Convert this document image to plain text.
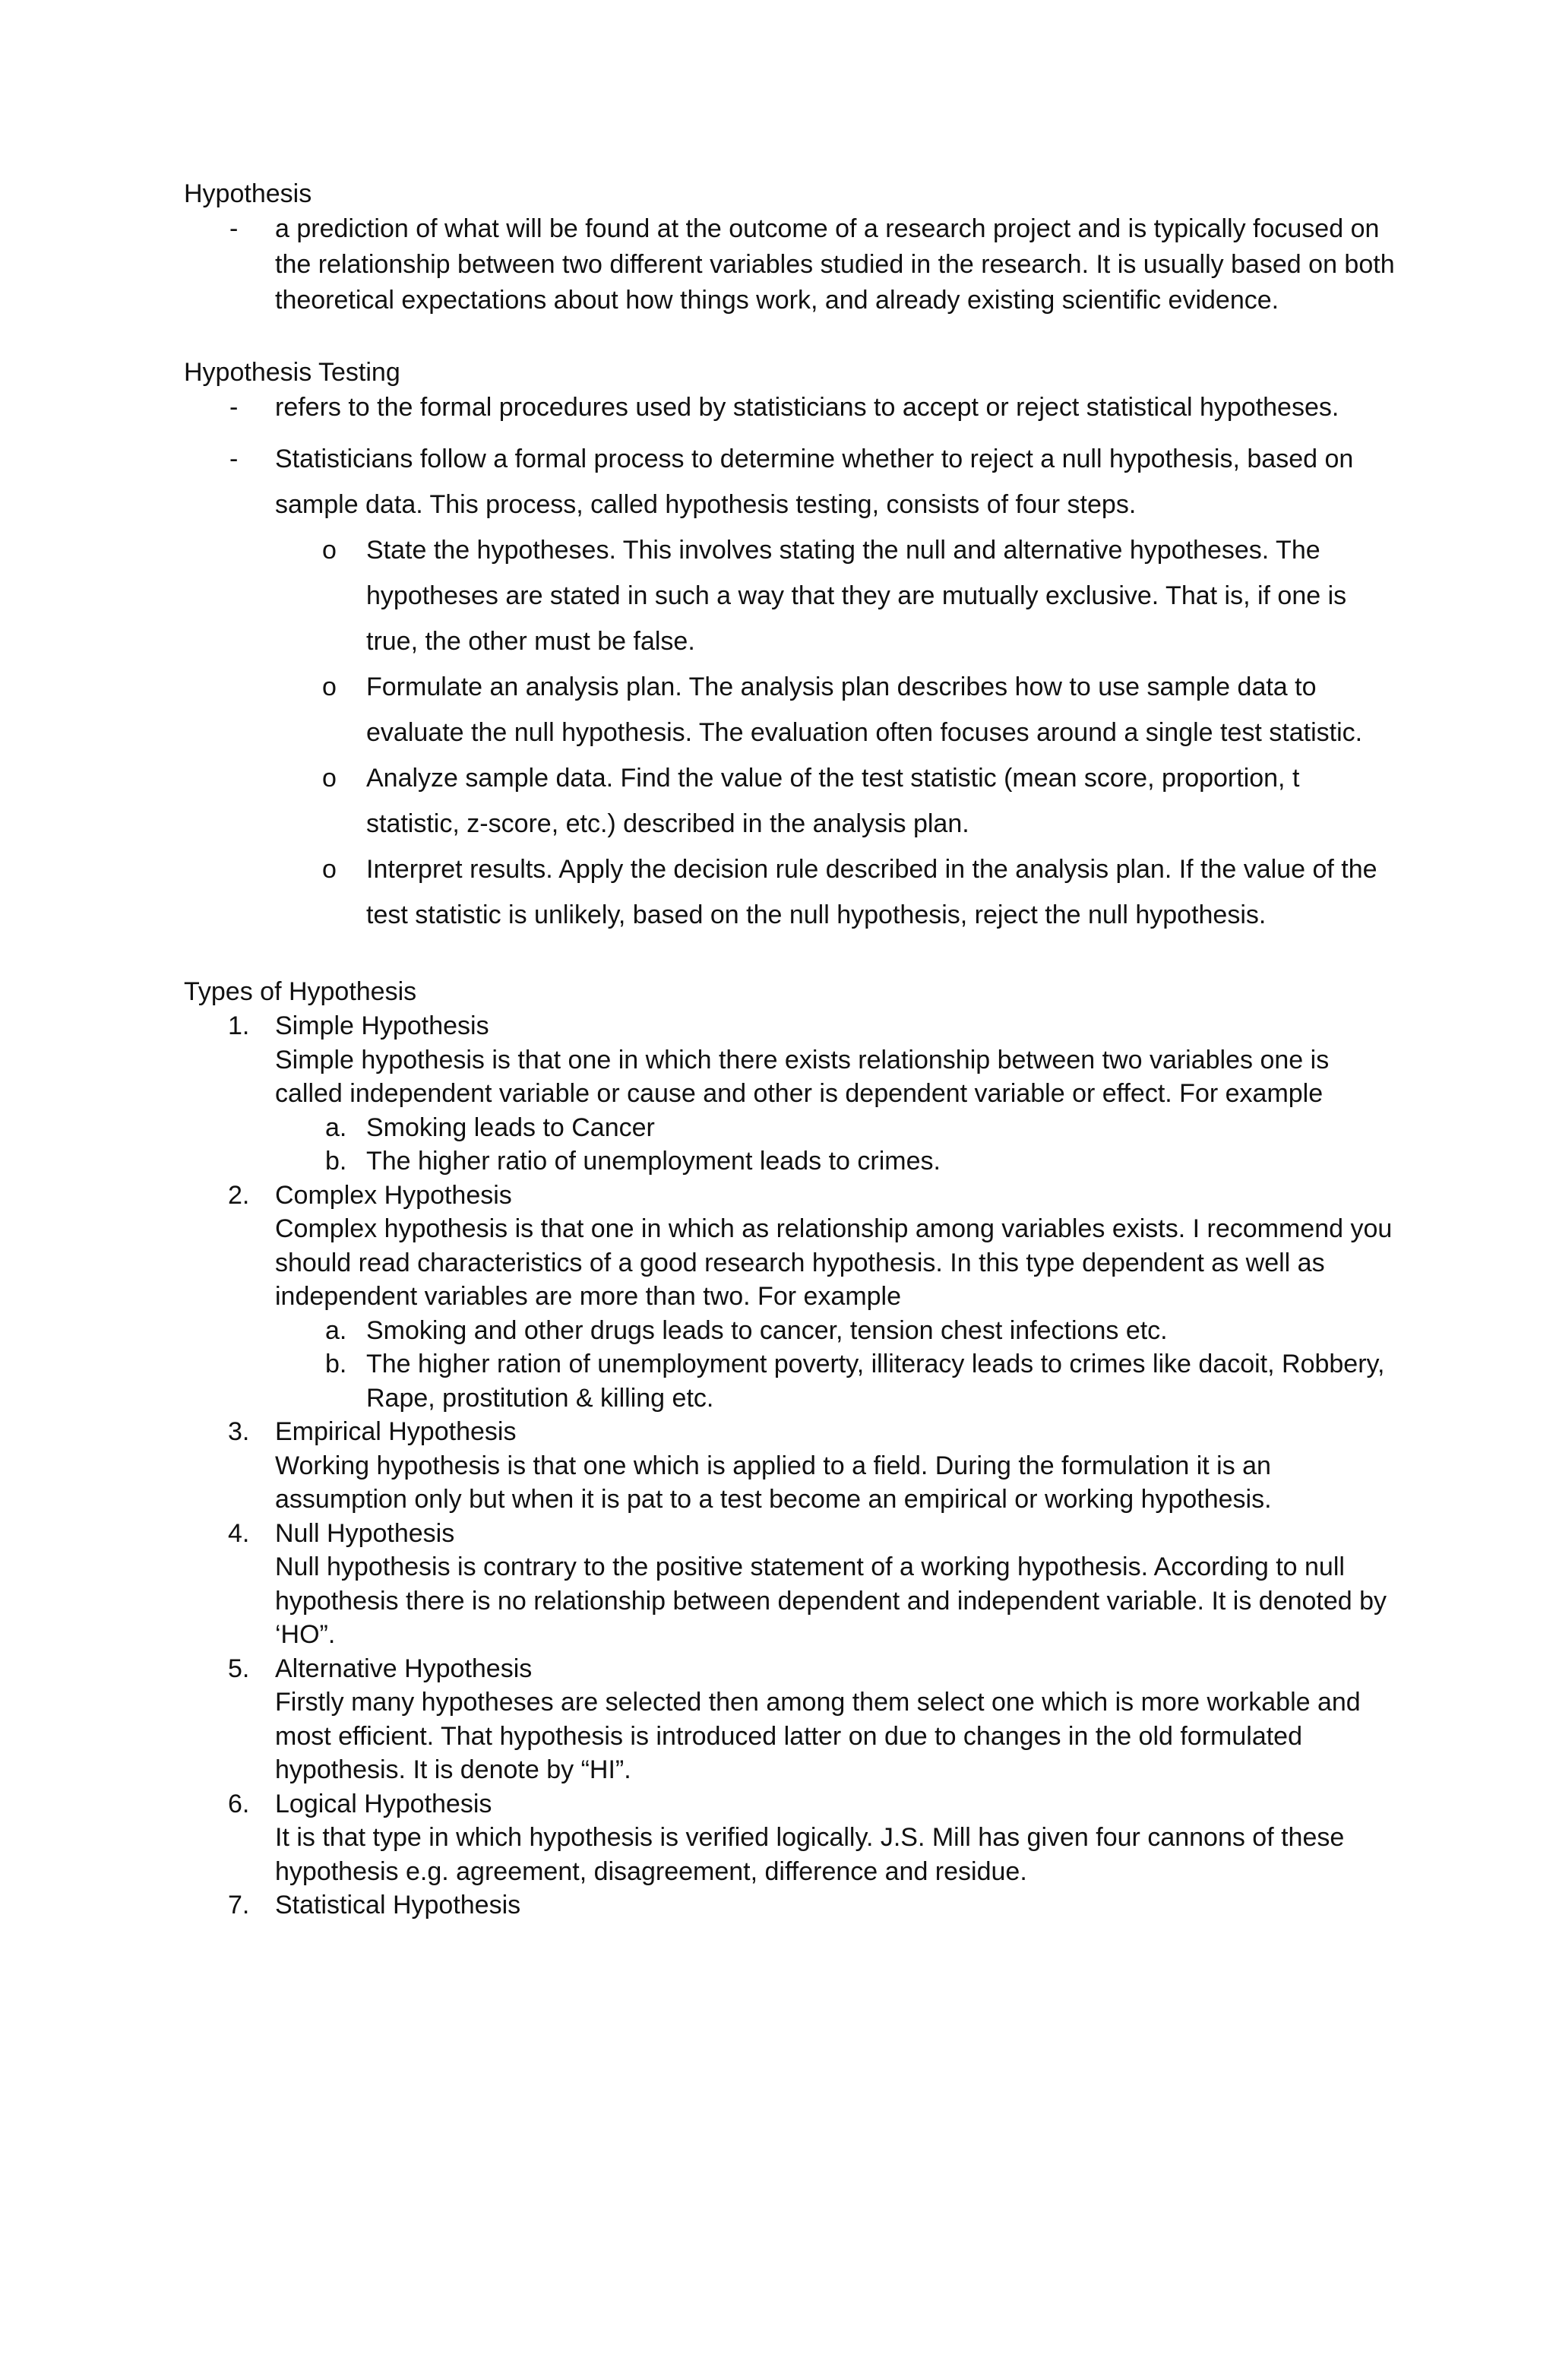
Hypothesis

- a prediction of what will be found at the outcome of a research project and is typically focused on the relationship between two different variables studied in the research. It is usually based on both theoretical expectations about how things work, and already existing scientific evidence.

Hypothesis Testing

- refers to the formal procedures used by statisticians to accept or reject statistical hypotheses.
- Statisticians follow a formal process to determine whether to reject a null hypothesis, based on sample data. This process, called hypothesis testing, consists of four steps.
o State the hypotheses. This involves stating the null and alternative hypotheses. The hypotheses are stated in such a way that they are mutually exclusive. That is, if one is true, the other must be false.
o Formulate an analysis plan. The analysis plan describes how to use sample data to evaluate the null hypothesis. The evaluation often focuses around a single test statistic.
o Analyze sample data. Find the value of the test statistic (mean score, proportion, t statistic, z-score, etc.) described in the analysis plan.
o Interpret results. Apply the decision rule described in the analysis plan. If the value of the test statistic is unlikely, based on the null hypothesis, reject the null hypothesis.

Types of Hypothesis

1. Simple Hypothesis
Simple hypothesis is that one in which there exists relationship between two variables one is called independent variable or cause and other is dependent variable or effect. For example
a. Smoking leads to Cancer
b. The higher ratio of unemployment leads to crimes.
2. Complex Hypothesis
Complex hypothesis is that one in which as relationship among variables exists. I recommend you should read characteristics of a good research hypothesis. In this type dependent as well as independent variables are more than two. For example
a. Smoking and other drugs leads to cancer, tension chest infections etc.
b. The higher ration of unemployment poverty, illiteracy leads to crimes like dacoit, Robbery, Rape, prostitution & killing etc.
3. Empirical Hypothesis
Working hypothesis is that one which is applied to a field. During the formulation it is an assumption only but when it is pat to a test become an empirical or working hypothesis.
4. Null Hypothesis
Null hypothesis is contrary to the positive statement of a working hypothesis. According to null hypothesis there is no relationship between dependent and independent variable. It is denoted by ‘HO”.
5. Alternative Hypothesis
Firstly many hypotheses are selected then among them select one which is more workable and most efficient. That hypothesis is introduced latter on due to changes in the old formulated hypothesis. It is denote by “HI”.
6. Logical Hypothesis
It is that type in which hypothesis is verified logically. J.S. Mill has given four cannons of these hypothesis e.g. agreement, disagreement, difference and residue.
7. Statistical Hypothesis
